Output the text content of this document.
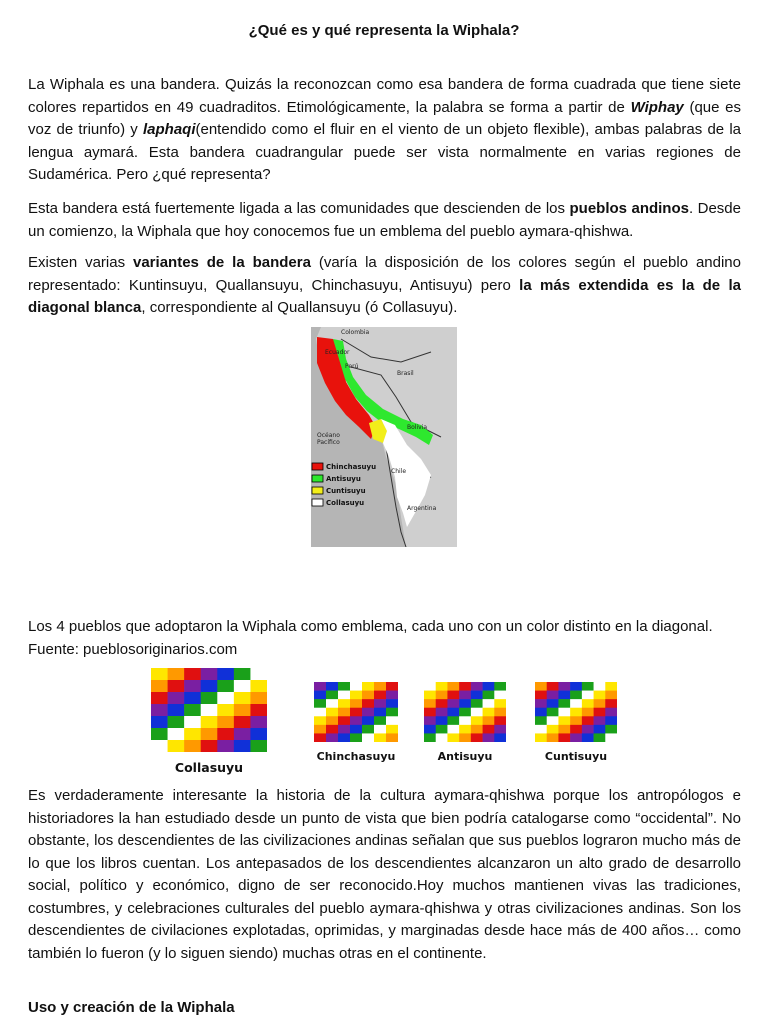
¿Qué es y qué representa la Wiphala?

La Wiphala es una bandera. Quizás la reconozcan como esa bandera de forma cuadrada que tiene siete colores repartidos en 49 cuadraditos. Etimológicamente, la palabra se forma a partir de Wiphay (que es voz de triunfo) y laphaqi(entendido como el fluir en el viento de un objeto flexible), ambas palabras de la lengua aymará. Esta bandera cuadrangular puede ser vista normalmente en varias regiones de Sudamérica. Pero ¿qué representa?

Esta bandera está fuertemente ligada a las comunidades que descienden de los pueblos andinos. Desde un comienzo, la Wiphala que hoy conocemos fue un emblema del pueblo aymara-qhishwa.

Existen varias variantes de la bandera (varía la disposición de los colores según el pueblo andino representado: Kuntinsuyu, Quallansuyu, Chinchasuyu, Antisuyu) pero la más extendida es la de la diagonal blanca, correspondiente al Quallansuyu (ó Collasuyu).

Colombia
Ecuador
Perú
Brasil
Bolivia
Océano
Pacífico
Chile
Argentina
Chinchasuyu
Antisuyu
Cuntisuyu
Collasuyu

Los 4 pueblos que adoptaron la Wiphala como emblema, cada uno con un color distinto en la diagonal. Fuente: pueblosoriginarios.com

Collasuyu
Chinchasuyu	Antisuyu	Cuntisuyu

Es verdaderamente interesante la historia de la cultura aymara-qhishwa porque los antropólogos e historiadores la han estudiado desde un punto de vista que bien podría catalogarse como “occidental”. No obstante, los descendientes de las civilizaciones andinas señalan que sus pueblos lograron mucho más de lo que los libros cuentan. Los antepasados de los descendientes alcanzaron un alto grado de desarrollo social, político y económico, digno de ser reconocido.Hoy muchos mantienen vivas las tradiciones, costumbres, y celebraciones culturales del pueblo aymara-qhishwa y otras civilizaciones andinas. Son los descendientes de civilaciones explotadas, oprimidas, y marginadas desde hace más de 400 años… como también lo fueron (y lo siguen siendo) muchas otras en el continente.

Uso y creación de la Wiphala
